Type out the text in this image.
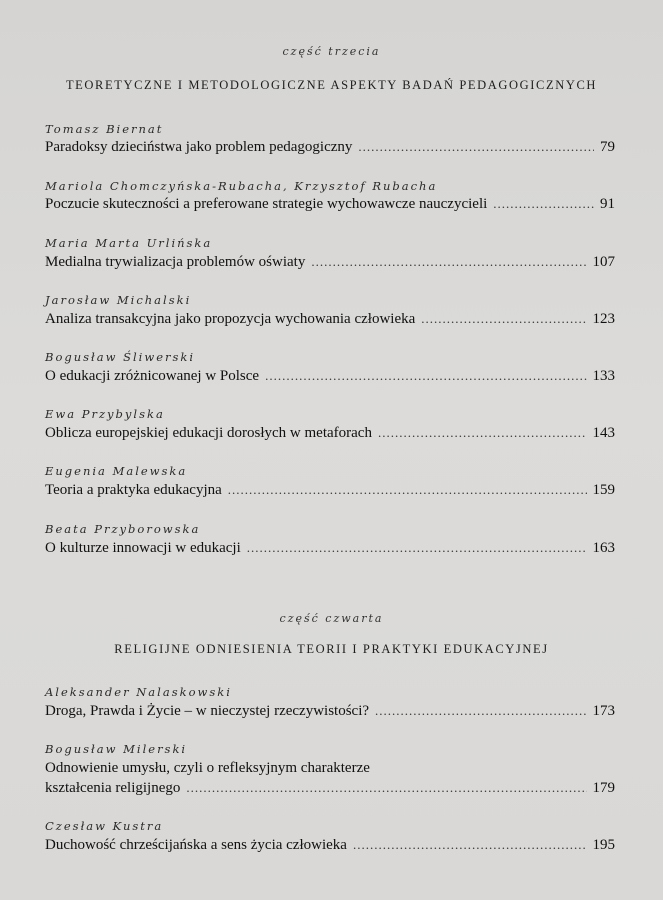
część trzecia
TEORETYCZNE I METODOLOGICZNE ASPEKTY BADAŃ PEDAGOGICZNYCH
Tomasz Biernat
Paradoksy dzieciństwa jako problem pedagogiczny .....	79
Mariola Chomczyńska-Rubacha, Krzysztof Rubacha
Poczucie skuteczności a preferowane strategie wychowawcze nauczycieli .....	91
Maria Marta Urlińska
Medialna trywializacja problemów oświaty .....	107
Jarosław Michalski
Analiza transakcyjna jako propozycja wychowania człowieka .....	123
Bogusław Śliwerski
O edukacji zróżnicowanej w Polsce .....	133
Ewa Przybylska
Oblicza europejskiej edukacji dorosłych w metaforach .....	143
Eugenia Malewska
Teoria a praktyka edukacyjna .....	159
Beata Przyborowska
O kulturze innowacji w edukacji .....	163
część czwarta
RELIGIJNE ODNIESIENIA TEORII I PRAKTYKI EDUKACYJNEJ
Aleksander Nalaskowski
Droga, Prawda i Życie – w nieczystej rzeczywistości? .....	173
Bogusław Milerski
Odnowienie umysłu, czyli o refleksyjnym charakterze
kształcenia religijnego .....	179
Czesław Kustra
Duchowość chrześcijańska a sens życia człowieka .....	195
